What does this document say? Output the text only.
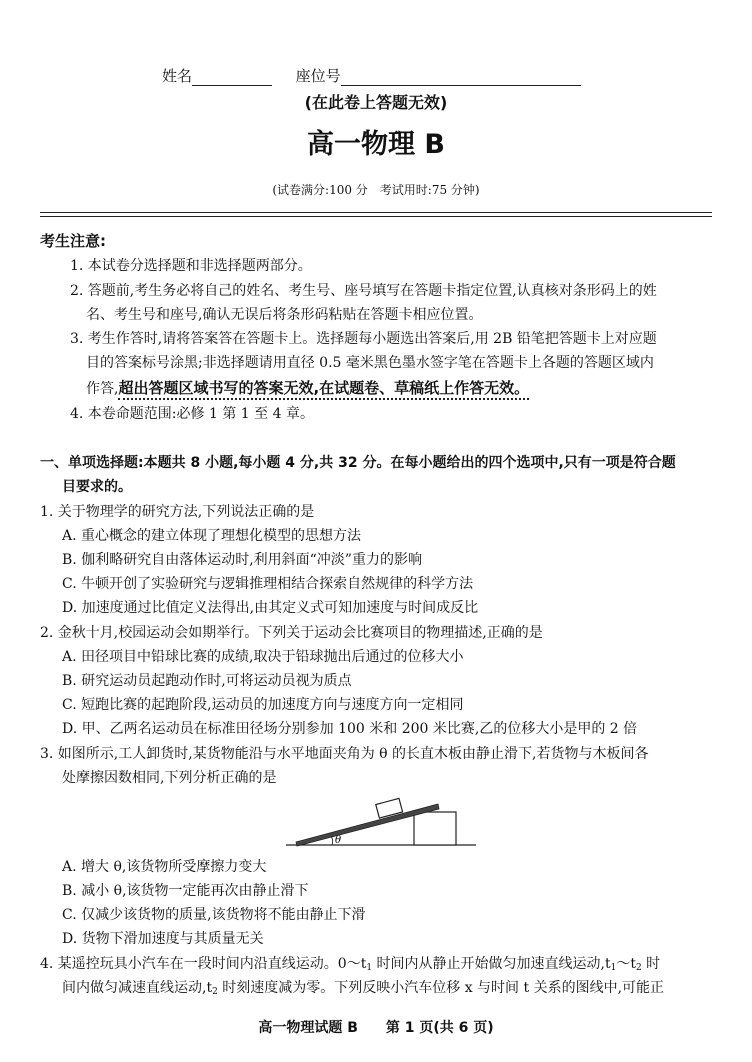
姓名	座位号
(在此卷上答题无效)
高一物理 B
(试卷满分:100 分　考试用时:75 分钟)
考生注意:
1. 本试卷分选择题和非选择题两部分。
2. 答题前,考生务必将自己的姓名、考生号、座号填写在答题卡指定位置,认真核对条形码上的姓
名、考生号和座号,确认无误后将条形码粘贴在答题卡相应位置。
3. 考生作答时,请将答案答在答题卡上。选择题每小题选出答案后,用 2B 铅笔把答题卡上对应题
目的答案标号涂黑;非选择题请用直径 0.5 毫米黑色墨水签字笔在答题卡上各题的答题区域内
作答,超出答题区域书写的答案无效,在试题卷、草稿纸上作答无效。
4. 本卷命题范围:必修 1 第 1 至 4 章。
一、单项选择题:本题共 8 小题,每小题 4 分,共 32 分。在每小题给出的四个选项中,只有一项是符合题
目要求的。
1. 关于物理学的研究方法,下列说法正确的是
A. 重心概念的建立体现了理想化模型的思想方法
B. 伽利略研究自由落体运动时,利用斜面“冲淡”重力的影响
C. 牛顿开创了实验研究与逻辑推理相结合探索自然规律的科学方法
D. 加速度通过比值定义法得出,由其定义式可知加速度与时间成反比
2. 金秋十月,校园运动会如期举行。下列关于运动会比赛项目的物理描述,正确的是
A. 田径项目中铅球比赛的成绩,取决于铅球抛出后通过的位移大小
B. 研究运动员起跑动作时,可将运动员视为质点
C. 短跑比赛的起跑阶段,运动员的加速度方向与速度方向一定相同
D. 甲、乙两名运动员在标准田径场分别参加 100 米和 200 米比赛,乙的位移大小是甲的 2 倍
3. 如图所示,工人卸货时,某货物能沿与水平地面夹角为 θ 的长直木板由静止滑下,若货物与木板间各
处摩擦因数相同,下列分析正确的是
θ
A. 增大 θ,该货物所受摩擦力变大
B. 减小 θ,该货物一定能再次由静止滑下
C. 仅减少该货物的质量,该货物将不能由静止下滑
D. 货物下滑加速度与其质量无关
4. 某遥控玩具小汽车在一段时间内沿直线运动。$0\sim t_1$ 时间内从静止开始做匀加速直线运动$,t_1\sim t_2$ 时
间内做匀减速直线运动$,t_2$ 时刻速度减为零。下列反映小汽车位移 x 与时间 t 关系的图线中,可能正
高一物理试题 B　　第 1 页(共 6 页)
